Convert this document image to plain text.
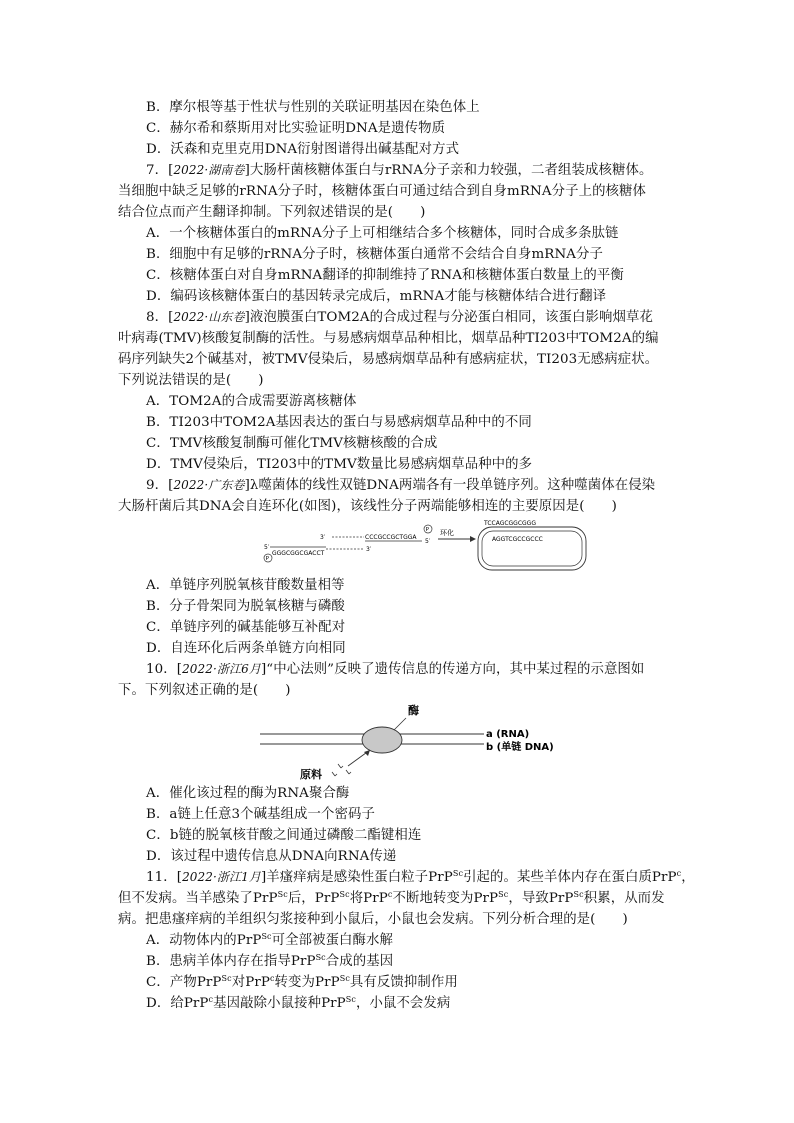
B．摩尔根等基于性状与性别的关联证明基因在染色体上
C．赫尔希和蔡斯用对比实验证明DNA是遗传物质
D．沃森和克里克用DNA衍射图谱得出碱基配对方式
7．[2022·湖南卷]大肠杆菌核糖体蛋白与rRNA分子亲和力较强，二者组装成核糖体。
当细胞中缺乏足够的rRNA分子时，核糖体蛋白可通过结合到自身mRNA分子上的核糖体
结合位点而产生翻译抑制。下列叙述错误的是(　　)
A．一个核糖体蛋白的mRNA分子上可相继结合多个核糖体，同时合成多条肽链
B．细胞中有足够的rRNA分子时，核糖体蛋白通常不会结合自身mRNA分子
C．核糖体蛋白对自身mRNA翻译的抑制维持了RNA和核糖体蛋白数量上的平衡
D．编码该核糖体蛋白的基因转录完成后，mRNA才能与核糖体结合进行翻译
8．[2022·山东卷]液泡膜蛋白TOM2A的合成过程与分泌蛋白相同，该蛋白影响烟草花
叶病毒(TMV)核酸复制酶的活性。与易感病烟草品种相比，烟草品种TI203中TOM2A的编
码序列缺失2个碱基对，被TMV侵染后，易感病烟草品种有感病症状，TI203无感病症状。
下列说法错误的是(　　)
A．TOM2A的合成需要游离核糖体
B．TI203中TOM2A基因表达的蛋白与易感病烟草品种中的不同
C．TMV核酸复制酶可催化TMV核糖核酸的合成
D．TMV侵染后，TI203中的TMV数量比易感病烟草品种中的多
9．[2022·广东卷]λ噬菌体的线性双链DNA两端各有一段单链序列。这种噬菌体在侵染
大肠杆菌后其DNA会自连环化(如图)，该线性分子两端能够相连的主要原因是(　　)
3′	CCCGCCGCTGGA
P
5′
5′
GGGCGGCGACCT
3′
P
环化
TCCAGCGGCGGG
AGGTCGCCGCCC
A．单链序列脱氧核苷酸数量相等
B．分子骨架同为脱氧核糖与磷酸
C．单链序列的碱基能够互补配对
D．自连环化后两条单链方向相同
10．[2022·浙江6月]“中心法则”反映了遗传信息的传递方向，其中某过程的示意图如
下。下列叙述正确的是(　　)
酶
a (RNA)
b (单链 DNA)
原料
A．催化该过程的酶为RNA聚合酶
B．a链上任意3个碱基组成一个密码子
C．b链的脱氧核苷酸之间通过磷酸二酯键相连
D．该过程中遗传信息从DNA向RNA传递
11．[2022·浙江1月]羊瘙痒病是感染性蛋白粒子PrP$^{Sc}$引起的。某些羊体内存在蛋白质PrP$^c$，
但不发病。当羊感染了PrP$^{Sc}$后，PrP$^{Sc}$将PrP$^c$不断地转变为PrP$^{Sc}$，导致PrP$^{Sc}$积累，从而发
病。把患瘙痒病的羊组织匀浆接种到小鼠后，小鼠也会发病。下列分析合理的是(　　)
A．动物体内的PrP$^{Sc}$可全部被蛋白酶水解
B．患病羊体内存在指导PrP$^{Sc}$合成的基因
C．产物PrP$^{Sc}$对PrP$^c$转变为PrP$^{Sc}$具有反馈抑制作用
D．给PrP$^c$基因敲除小鼠接种PrP$^{Sc}$，小鼠不会发病
